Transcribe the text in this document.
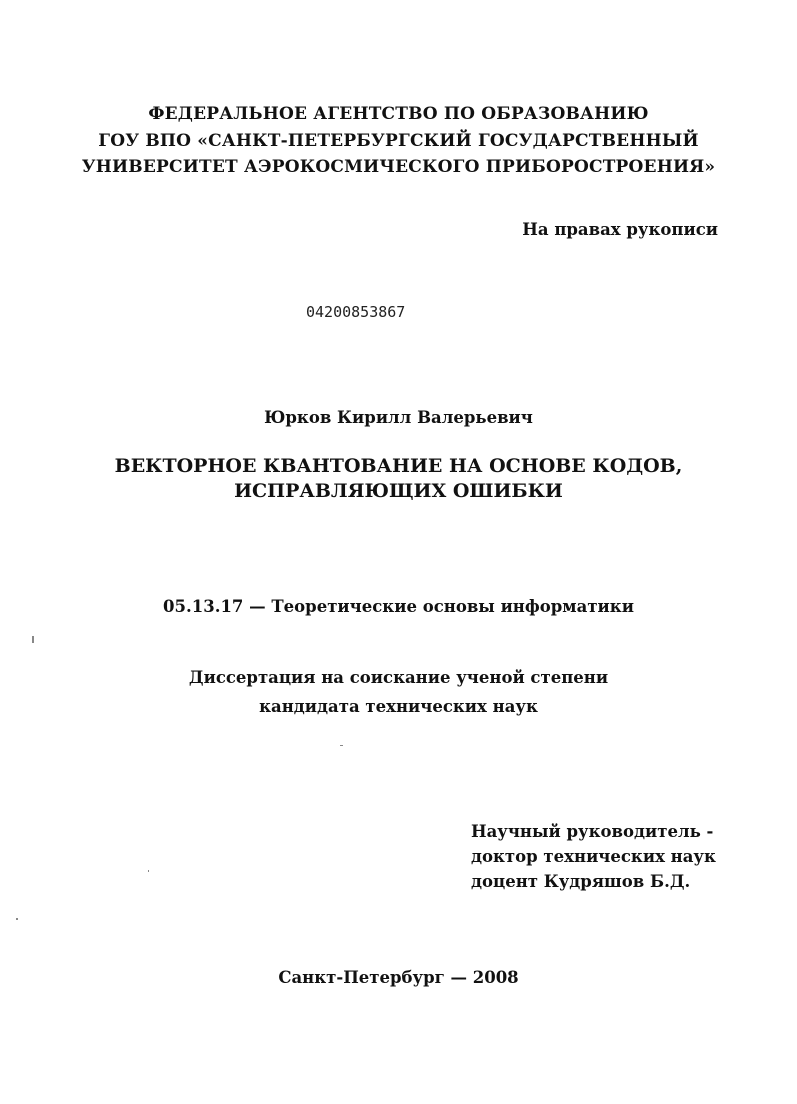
ФЕДЕРАЛЬНОЕ АГЕНТСТВО ПО ОБРАЗОВАНИЮ
ГОУ ВПО «САНКТ-ПЕТЕРБУРГСКИЙ ГОСУДАРСТВЕННЫЙ
УНИВЕРСИТЕТ АЭРОКОСМИЧЕСКОГО ПРИБОРОСТРОЕНИЯ»
На правах рукописи
04200853867
Юрков Кирилл Валерьевич
ВЕКТОРНОЕ КВАНТОВАНИЕ НА ОСНОВЕ КОДОВ,
ИСПРАВЛЯЮЩИХ ОШИБКИ
05.13.17 — Теоретические основы информатики
Диссертация на соискание ученой степени
кандидата технических наук
Научный руководитель -
доктор технических наук
доцент Кудряшов Б.Д.
Санкт-Петербург — 2008
